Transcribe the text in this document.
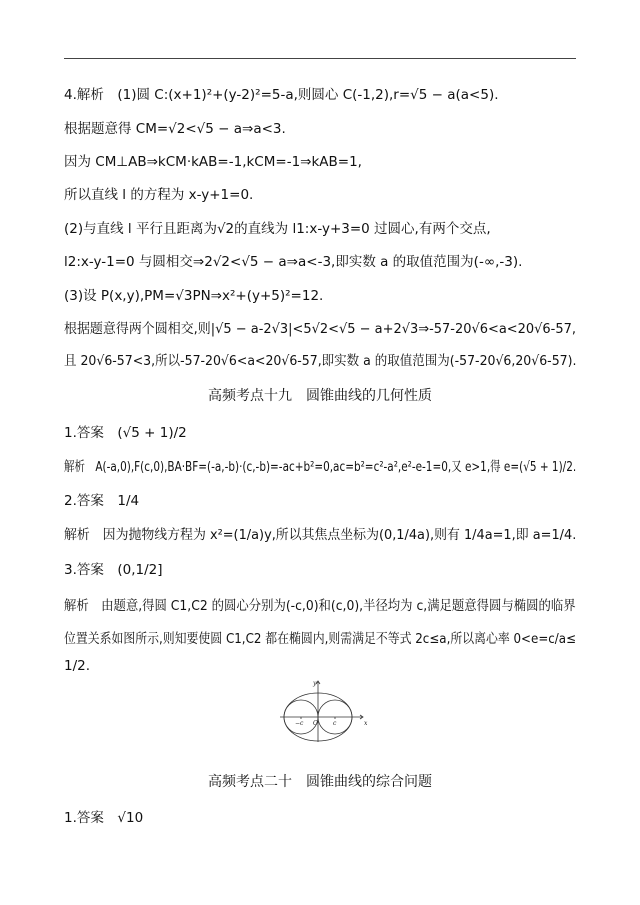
4.解析　(1)圆 C:(x+1)²+(y-2)²=5-a,则圆心 C(-1,2),r=√5 − a(a<5).
根据题意得 CM=√2<√5 − a⇒a<3.
因为 CM⊥AB⇒kCM·kAB=-1,kCM=-1⇒kAB=1,
所以直线 l 的方程为 x-y+1=0.
(2)与直线 l 平行且距离为√2的直线为 l1:x-y+3=0 过圆心,有两个交点,
l2:x-y-1=0 与圆相交⇒2√2<√5 − a⇒a<-3,即实数 a 的取值范围为(-∞,-3).
(3)设 P(x,y),PM=√3PN⇒x²+(y+5)²=12.
根据题意得两个圆相交,则|√5 − a-2√3|<5√2<√5 − a+2√3⇒-57-20√6<a<20√6-57,
且 20√6-57<3,所以-57-20√6<a<20√6-57,即实数 a 的取值范围为(-57-20√6,20√6-57).
高频考点十九　圆锥曲线的几何性质
1.答案　(√5 + 1)/2
解析　A(-a,0),F(c,0),BA·BF=(-a,-b)·(c,-b)=-ac+b²=0,ac=b²=c²-a²,e²-e-1=0,又 e>1,得 e=(√5 + 1)/2.
2.答案　1/4
解析　因为抛物线方程为 x²=(1/a)y,所以其焦点坐标为(0,1/4a),则有 1/4a=1,即 a=1/4.
3.答案　(0,1/2]
解析　由题意,得圆 C1,C2 的圆心分别为(-c,0)和(c,0),半径均为 c,满足题意得圆与椭圆的临界
位置关系如图所示,则知要使圆 C1,C2 都在椭圆内,则需满足不等式 2c≤a,所以离心率 0<e=c/a≤
1/2.
x
y
O
−c	c
高频考点二十　圆锥曲线的综合问题
1.答案　√10
